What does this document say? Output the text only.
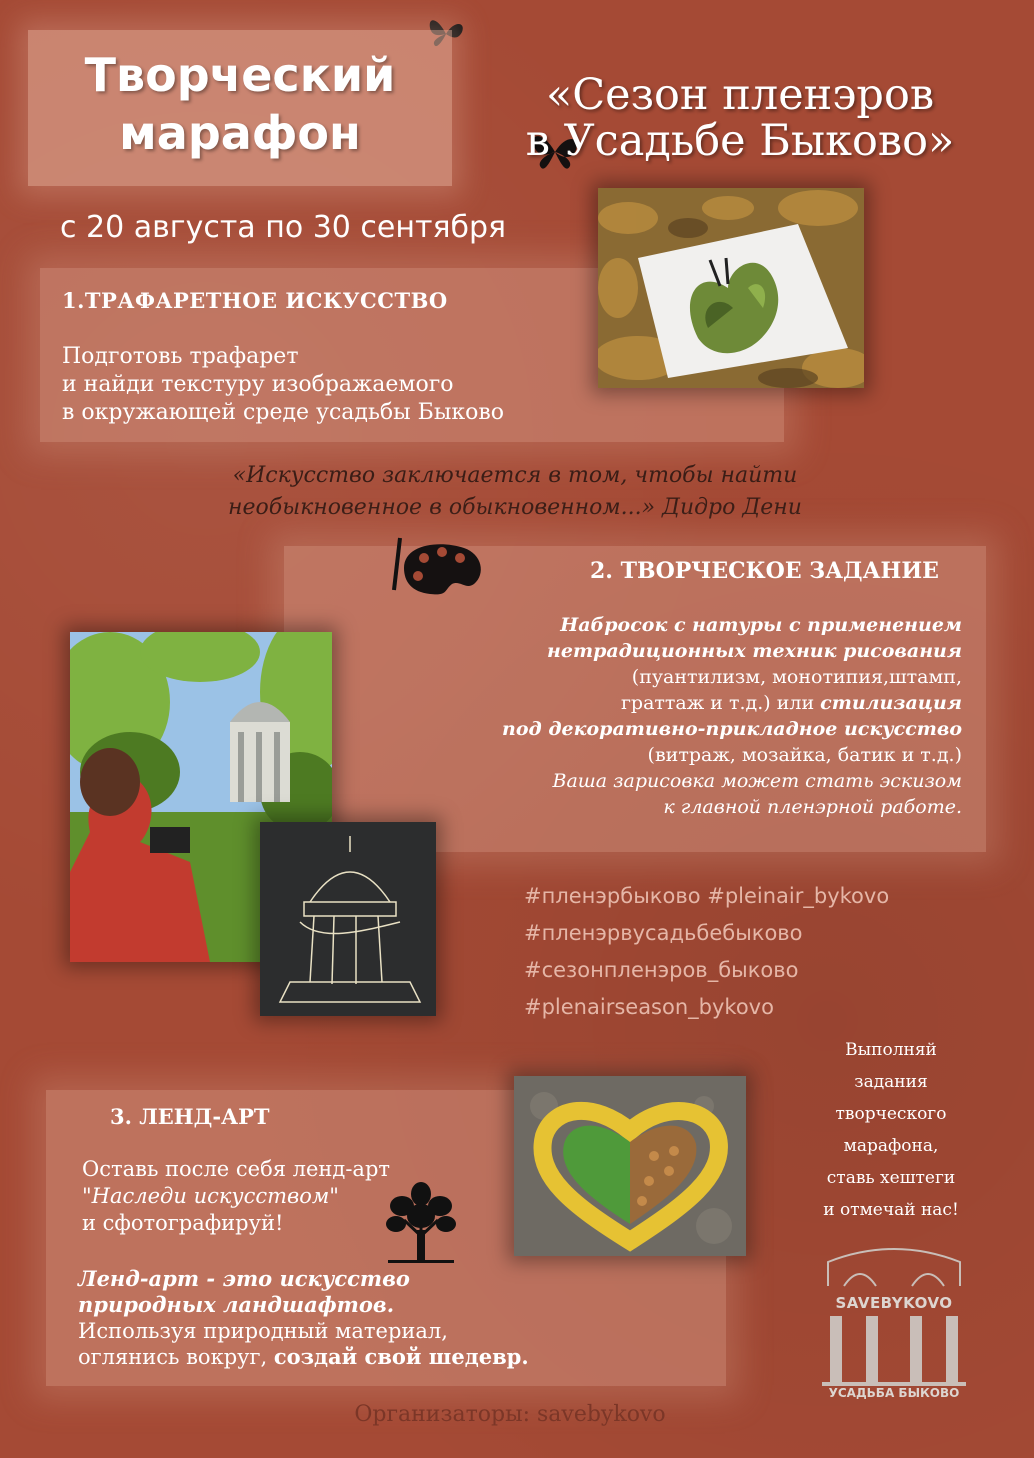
Творческий
марафон
«Сезон пленэров
в Усадьбе Быково»
с 20 августа по 30 сентября
1.ТРАФАРЕТНОЕ ИСКУССТВО
Подготовь трафарет
и найди текстуру изображаемого
в окружающей среде усадьбы Быково
«Искусство заключается в том, чтобы найти
необыкновенное в обыкновенном...» Дидро Дени
2. ТВОРЧЕСКОЕ ЗАДАНИЕ
Набросок с натуры с применением
нетрадиционных техник рисования
(пуантилизм, монотипия,штамп,
граттаж и т.д.) или стилизация
под декоративно-прикладное искусство
(витраж, мозайка, батик и т.д.)
Ваша зарисовка может стать эскизом
к главной пленэрной работе.
#пленэрбыково #pleinair_bykovo
#пленэрвусадьбебыково
#сезонпленэров_быково
#plenairseason_bykovo
Выполняй
задания
творческого
марафона,
ставь хештеги
и отмечай нас!
3. ЛЕНД-АРТ
Оставь после себя ленд-арт
"Наследи искусством"
и сфотографируй!
Ленд-арт - это искусство
природных ландшафтов.
Используя природный материал,
оглянись вокруг, создай свой шедевр.
SAVEBYKOVO
УСАДЬБА БЫКОВО
Организаторы: savebykovo
